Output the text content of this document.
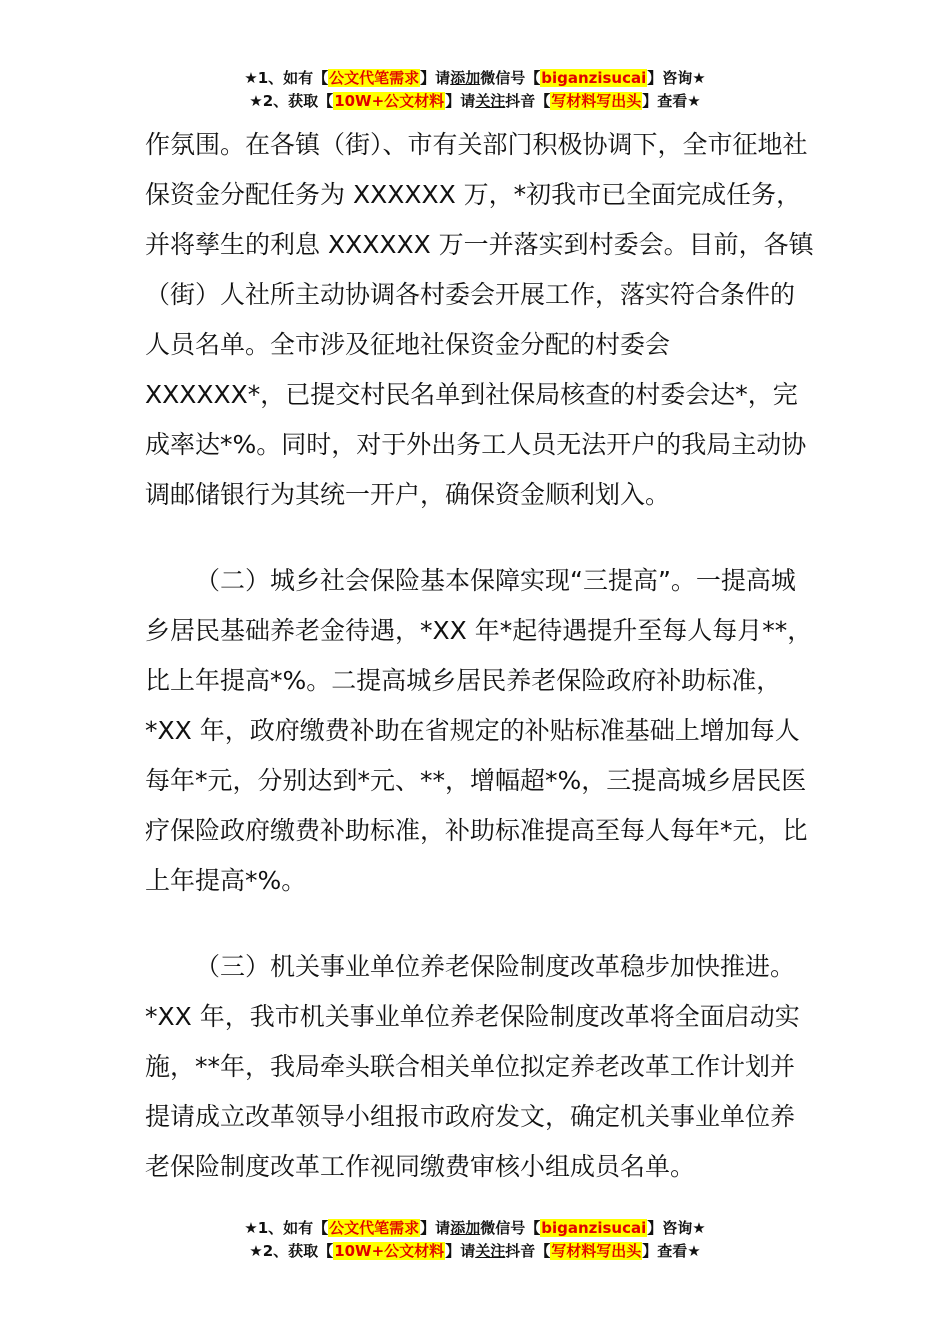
★1、如有【公文代笔需求】请添加微信号【biganzisucai】咨询★
★2、获取【10W+公文材料】请关注抖音【写材料写出头】查看★

作氛围。在各镇（街）、市有关部门积极协调下，全市征地社保资金分配任务为 XXXXXX 万，*初我市已全面完成任务，并将孳生的利息 XXXXXX 万一并落实到村委会。目前，各镇（街）人社所主动协调各村委会开展工作，落实符合条件的人员名单。全市涉及征地社保资金分配的村委会 XXXXXX*，已提交村民名单到社保局核查的村委会达*，完成率达*%。同时，对于外出务工人员无法开户的我局主动协调邮储银行为其统一开户，确保资金顺利划入。

（二）城乡社会保险基本保障实现“三提高”。一提高城乡居民基础养老金待遇，*XX 年*起待遇提升至每人每月**，比上年提高*%。二提高城乡居民养老保险政府补助标准，*XX 年，政府缴费补助在省规定的补贴标准基础上增加每人每年*元，分别达到*元、**，增幅超*%，三提高城乡居民医疗保险政府缴费补助标准，补助标准提高至每人每年*元，比上年提高*%。

（三）机关事业单位养老保险制度改革稳步加快推进。*XX 年，我市机关事业单位养老保险制度改革将全面启动实施，**年，我局牵头联合相关单位拟定养老改革工作计划并提请成立改革领导小组报市政府发文，确定机关事业单位养老保险制度改革工作视同缴费审核小组成员名单。

★1、如有【公文代笔需求】请添加微信号【biganzisucai】咨询★
★2、获取【10W+公文材料】请关注抖音【写材料写出头】查看★
